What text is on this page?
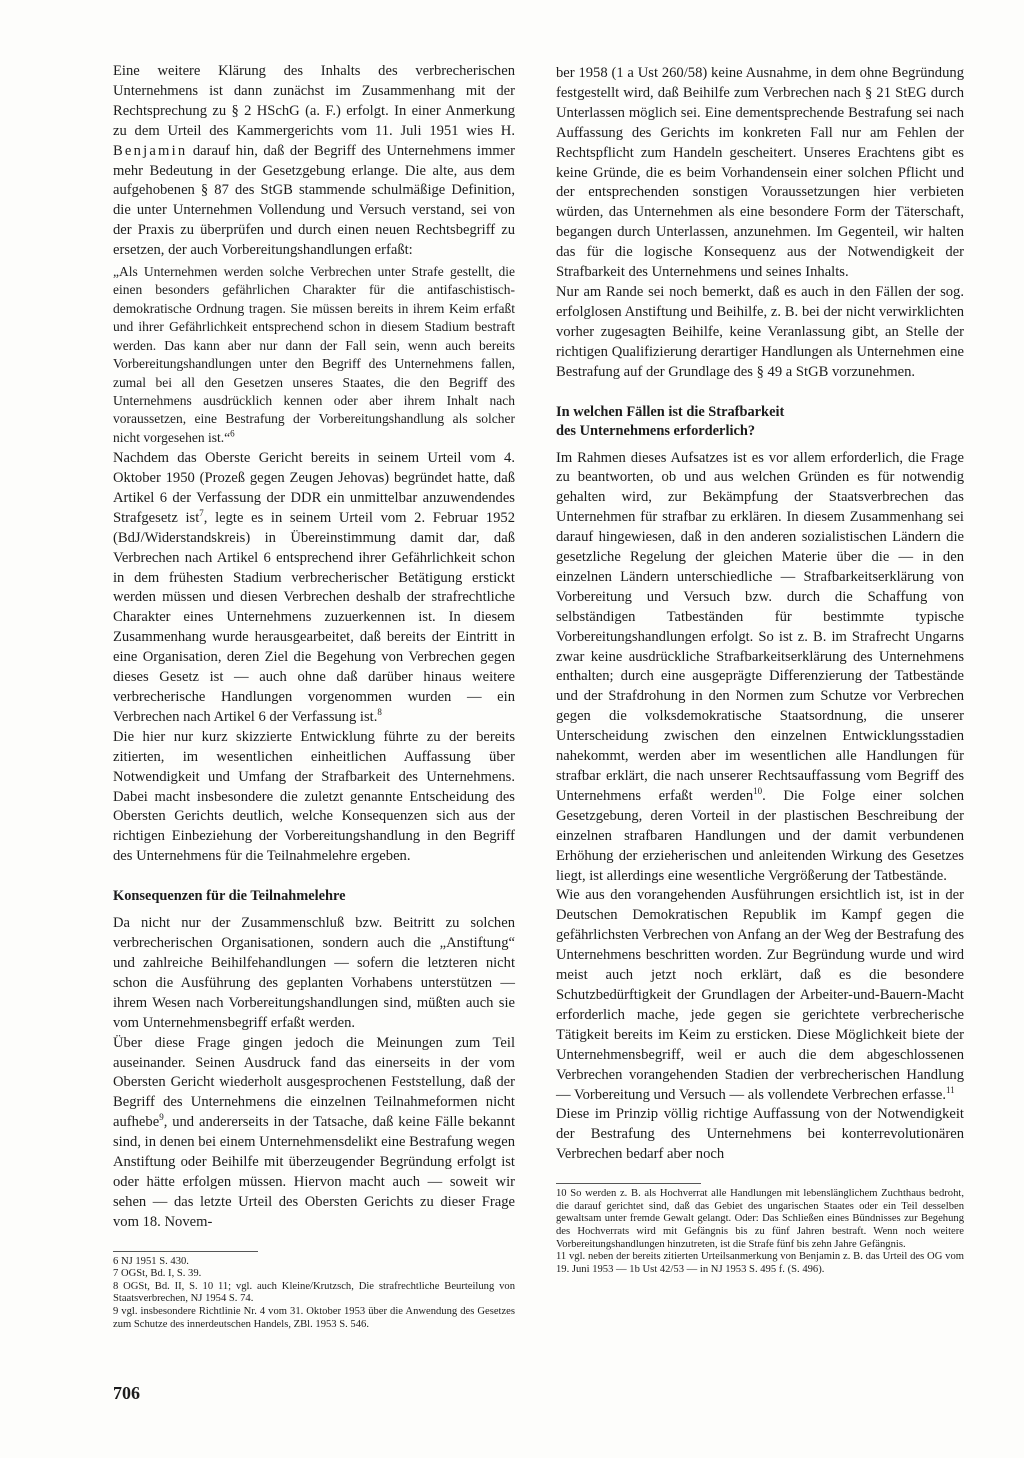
Eine weitere Klärung des Inhalts des verbrecherischen Unternehmens ist dann zunächst im Zusammenhang mit der Rechtsprechung zu § 2 HSchG (a. F.) erfolgt. In einer Anmerkung zu dem Urteil des Kammergerichts vom 11. Juli 1951 wies H. Benjamin darauf hin, daß der Begriff des Unternehmens immer mehr Bedeutung in der Gesetzgebung erlange. Die alte, aus dem aufgehobenen § 87 des StGB stammende schulmäßige Definition, die unter Unternehmen Vollendung und Versuch verstand, sei von der Praxis zu überprüfen und durch einen neuen Rechtsbegriff zu ersetzen, der auch Vorbereitungshandlungen erfaßt:

„Als Unternehmen werden solche Verbrechen unter Strafe gestellt, die einen besonders gefährlichen Charakter für die antifaschistisch-demokratische Ordnung tragen. Sie müssen bereits in ihrem Keim erfaßt und ihrer Gefährlichkeit entsprechend schon in diesem Stadium bestraft werden. Das kann aber nur dann der Fall sein, wenn auch bereits Vorbereitungshandlungen unter den Begriff des Unternehmens fallen, zumal bei all den Gesetzen unseres Staates, die den Begriff des Unternehmens ausdrücklich kennen oder aber ihrem Inhalt nach voraussetzen, eine Bestrafung der Vorbereitungshandlung als solcher nicht vorgesehen ist.“$^6$

Nachdem das Oberste Gericht bereits in seinem Urteil vom 4. Oktober 1950 (Prozeß gegen Zeugen Jehovas) begründet hatte, daß Artikel 6 der Verfassung der DDR ein unmittelbar anzuwendendes Strafgesetz ist$^7$, legte es in seinem Urteil vom 2. Februar 1952 (BdJ/Widerstandskreis) in Übereinstimmung damit dar, daß Verbrechen nach Artikel 6 entsprechend ihrer Gefährlichkeit schon in dem frühesten Stadium verbrecherischer Betätigung erstickt werden müssen und diesen Verbrechen deshalb der strafrechtliche Charakter eines Unternehmens zuzuerkennen ist. In diesem Zusammenhang wurde herausgearbeitet, daß bereits der Eintritt in eine Organisation, deren Ziel die Begehung von Verbrechen gegen dieses Gesetz ist — auch ohne daß darüber hinaus weitere verbrecherische Handlungen vorgenommen wurden — ein Verbrechen nach Artikel 6 der Verfassung ist.$^8$

Die hier nur kurz skizzierte Entwicklung führte zu der bereits zitierten, im wesentlichen einheitlichen Auffassung über Notwendigkeit und Umfang der Strafbarkeit des Unternehmens. Dabei macht insbesondere die zuletzt genannte Entscheidung des Obersten Gerichts deutlich, welche Konsequenzen sich aus der richtigen Einbeziehung der Vorbereitungshandlung in den Begriff des Unternehmens für die Teilnahmelehre ergeben.

Konsequenzen für die Teilnahmelehre

Da nicht nur der Zusammenschluß bzw. Beitritt zu solchen verbrecherischen Organisationen, sondern auch die „Anstiftung“ und zahlreiche Beihilfehandlungen — sofern die letzteren nicht schon die Ausführung des geplanten Vorhabens unterstützen — ihrem Wesen nach Vorbereitungshandlungen sind, müßten auch sie vom Unternehmensbegriff erfaßt werden.

Über diese Frage gingen jedoch die Meinungen zum Teil auseinander. Seinen Ausdruck fand das einerseits in der vom Obersten Gericht wiederholt ausgesprochenen Feststellung, daß der Begriff des Unternehmens die einzelnen Teilnahmeformen nicht aufhebe$^9$, und andererseits in der Tatsache, daß keine Fälle bekannt sind, in denen bei einem Unternehmensdelikt eine Bestrafung wegen Anstiftung oder Beihilfe mit überzeugender Begründung erfolgt ist oder hätte erfolgen müssen. Hiervon macht auch — soweit wir sehen — das letzte Urteil des Obersten Gerichts zu dieser Frage vom 18. Novem-

6 NJ 1951 S. 430.

7 OGSt, Bd. I, S. 39.

8 OGSt, Bd. II, S. 10 11; vgl. auch Kleine/Krutzsch, Die strafrechtliche Beurteilung von Staatsverbrechen, NJ 1954 S. 74.

9 vgl. insbesondere Richtlinie Nr. 4 vom 31. Oktober 1953 über die Anwendung des Gesetzes zum Schutze des innerdeutschen Handels, ZBl. 1953 S. 546.

ber 1958 (1 a Ust 260/58) keine Ausnahme, in dem ohne Begründung festgestellt wird, daß Beihilfe zum Verbrechen nach § 21 StEG durch Unterlassen möglich sei. Eine dementsprechende Bestrafung sei nach Auffassung des Gerichts im konkreten Fall nur am Fehlen der Rechtspflicht zum Handeln gescheitert. Unseres Erachtens gibt es keine Gründe, die es beim Vorhandensein einer solchen Pflicht und der entsprechenden sonstigen Voraussetzungen hier verbieten würden, das Unternehmen als eine besondere Form der Täterschaft, begangen durch Unterlassen, anzunehmen. Im Gegenteil, wir halten das für die logische Konsequenz aus der Notwendigkeit der Strafbarkeit des Unternehmens und seines Inhalts.

Nur am Rande sei noch bemerkt, daß es auch in den Fällen der sog. erfolglosen Anstiftung und Beihilfe, z. B. bei der nicht verwirklichten vorher zugesagten Beihilfe, keine Veranlassung gibt, an Stelle der richtigen Qualifizierung derartiger Handlungen als Unternehmen eine Bestrafung auf der Grundlage des § 49 a StGB vorzunehmen.

In welchen Fällen ist die Strafbarkeit
des Unternehmens erforderlich?

Im Rahmen dieses Aufsatzes ist es vor allem erforderlich, die Frage zu beantworten, ob und aus welchen Gründen es für notwendig gehalten wird, zur Bekämpfung der Staatsverbrechen das Unternehmen für strafbar zu erklären. In diesem Zusammenhang sei darauf hingewiesen, daß in den anderen sozialistischen Ländern die gesetzliche Regelung der gleichen Materie über die — in den einzelnen Ländern unterschiedliche — Strafbarkeitserklärung von Vorbereitung und Versuch bzw. durch die Schaffung von selbständigen Tatbeständen für bestimmte typische Vorbereitungshandlungen erfolgt. So ist z. B. im Strafrecht Ungarns zwar keine ausdrückliche Strafbarkeitserklärung des Unternehmens enthalten; durch eine ausgeprägte Differenzierung der Tatbestände und der Strafdrohung in den Normen zum Schutze vor Verbrechen gegen die volksdemokratische Staatsordnung, die unserer Unterscheidung zwischen den einzelnen Entwicklungsstadien nahekommt, werden aber im wesentlichen alle Handlungen für strafbar erklärt, die nach unserer Rechtsauffassung vom Begriff des Unternehmens erfaßt werden$^{10}$. Die Folge einer solchen Gesetzgebung, deren Vorteil in der plastischen Beschreibung der einzelnen strafbaren Handlungen und der damit verbundenen Erhöhung der erzieherischen und anleitenden Wirkung des Gesetzes liegt, ist allerdings eine wesentliche Vergrößerung der Tatbestände.

Wie aus den vorangehenden Ausführungen ersichtlich ist, ist in der Deutschen Demokratischen Republik im Kampf gegen die gefährlichsten Verbrechen von Anfang an der Weg der Bestrafung des Unternehmens beschritten worden. Zur Begründung wurde und wird meist auch jetzt noch erklärt, daß es die besondere Schutzbedürftigkeit der Grundlagen der Arbeiter-und-Bauern-Macht erforderlich mache, jede gegen sie gerichtete verbrecherische Tätigkeit bereits im Keim zu ersticken. Diese Möglichkeit biete der Unternehmensbegriff, weil er auch die dem abgeschlossenen Verbrechen vorangehenden Stadien der verbrecherischen Handlung — Vorbereitung und Versuch — als vollendete Verbrechen erfasse.$^{11}$

Diese im Prinzip völlig richtige Auffassung von der Notwendigkeit der Bestrafung des Unternehmens bei konterrevolutionären Verbrechen bedarf aber noch

10 So werden z. B. als Hochverrat alle Handlungen mit lebenslänglichem Zuchthaus bedroht, die darauf gerichtet sind, daß das Gebiet des ungarischen Staates oder ein Teil desselben gewaltsam unter fremde Gewalt gelangt. Oder: Das Schließen eines Bündnisses zur Begehung des Hochverrats wird mit Gefängnis bis zu fünf Jahren bestraft. Wenn noch weitere Vorbereitungshandlungen hinzutreten, ist die Strafe fünf bis zehn Jahre Gefängnis.

11 vgl. neben der bereits zitierten Urteilsanmerkung von Benjamin z. B. das Urteil des OG vom 19. Juni 1953 — 1b Ust 42/53 — in NJ 1953 S. 495 f. (S. 496).

706
